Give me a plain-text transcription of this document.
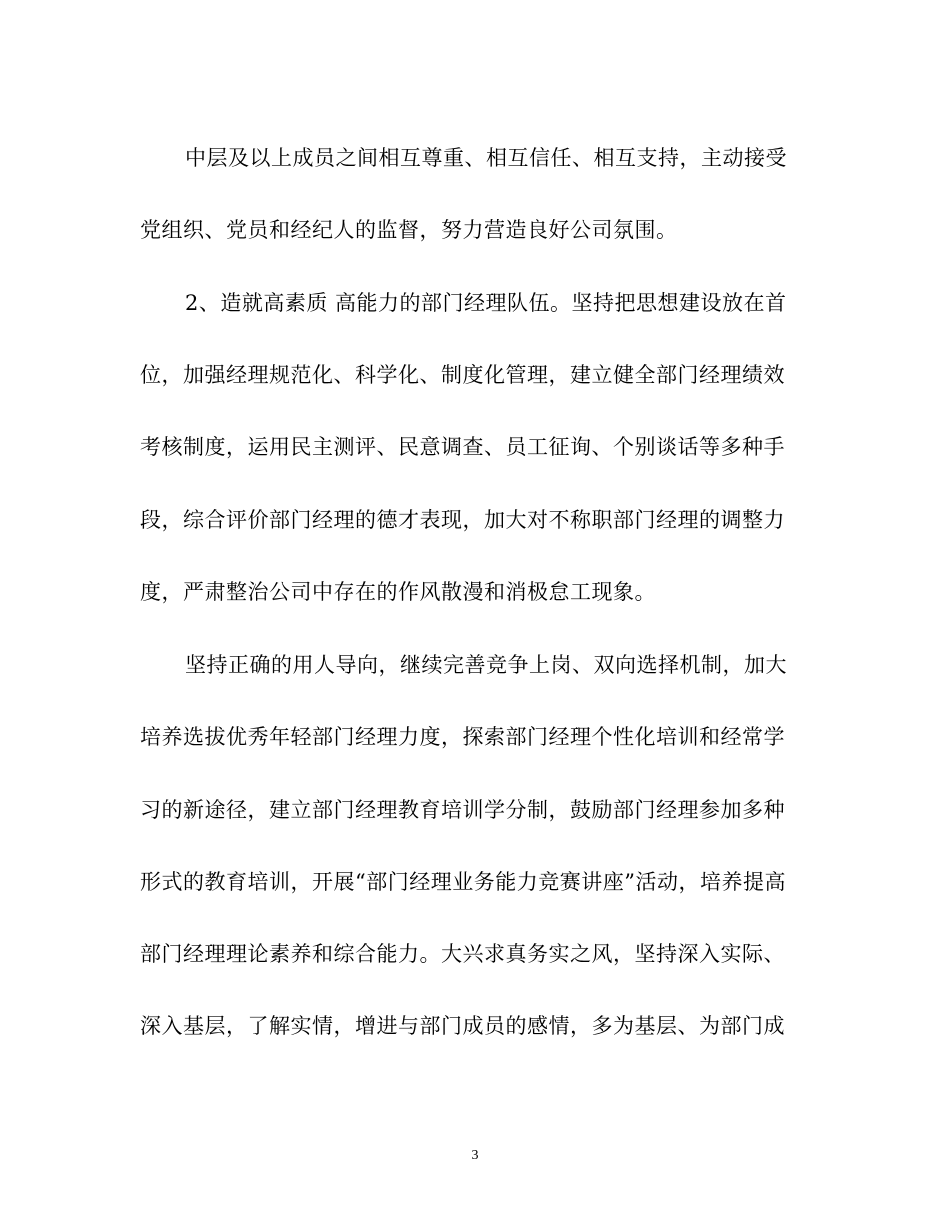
中层及以上成员之间相互尊重、相互信任、相互支持，主动接受
党组织、党员和经纪人的监督，努力营造良好公司氛围。
2、造就高素质 高能力的部门经理队伍。坚持把思想建设放在首
位，加强经理规范化、科学化、制度化管理，建立健全部门经理绩效
考核制度，运用民主测评、民意调查、员工征询、个别谈话等多种手
段，综合评价部门经理的德才表现，加大对不称职部门经理的调整力
度，严肃整治公司中存在的作风散漫和消极怠工现象。
坚持正确的用人导向，继续完善竞争上岗、双向选择机制，加大
培养选拔优秀年轻部门经理力度，探索部门经理个性化培训和经常学
习的新途径，建立部门经理教育培训学分制，鼓励部门经理参加多种
形式的教育培训，开展“部门经理业务能力竞赛讲座”活动，培养提高
部门经理理论素养和综合能力。大兴求真务实之风，坚持深入实际、
深入基层，了解实情，增进与部门成员的感情，多为基层、为部门成
3
